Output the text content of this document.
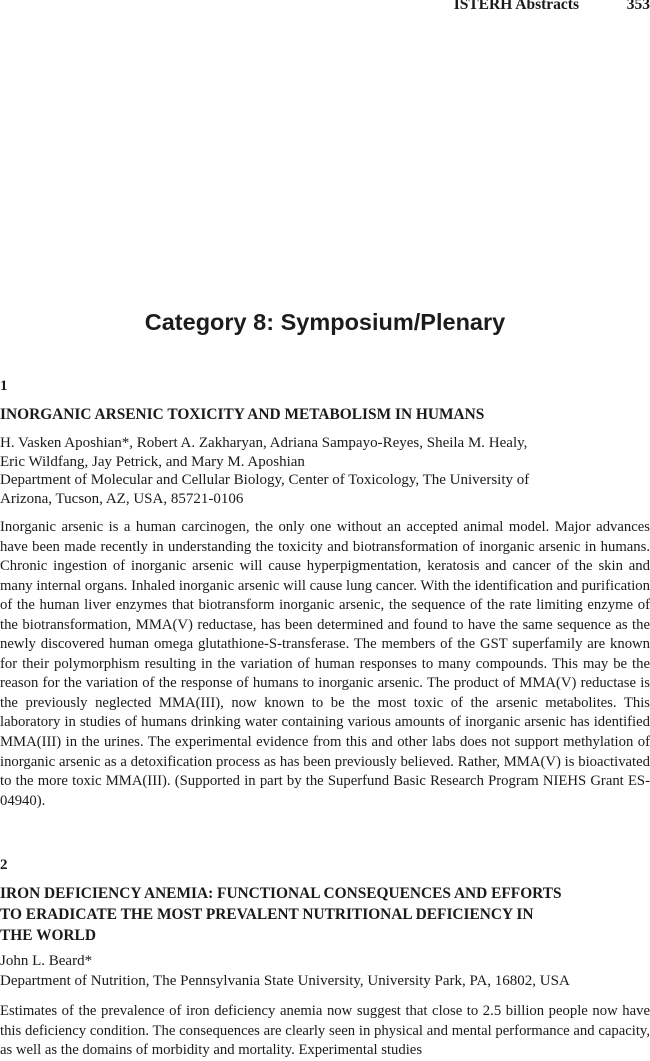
ISTERH Abstracts	353
Category 8: Symposium/Plenary
1
INORGANIC ARSENIC TOXICITY AND METABOLISM IN HUMANS
H. Vasken Aposhian*, Robert A. Zakharyan, Adriana Sampayo-Reyes, Sheila M. Healy,
Eric Wildfang, Jay Petrick, and Mary M. Aposhian
Department of Molecular and Cellular Biology, Center of Toxicology, The University of
Arizona, Tucson, AZ, USA, 85721-0106
Inorganic arsenic is a human carcinogen, the only one without an accepted animal model. Major advances have been made recently in understanding the toxicity and biotransformation of inorganic arsenic in humans. Chronic ingestion of inorganic arsenic will cause hyperpigmentation, keratosis and cancer of the skin and many internal organs. Inhaled inorganic arsenic will cause lung cancer. With the identification and purification of the human liver enzymes that biotransform inorganic arsenic, the sequence of the rate limiting enzyme of the biotransformation, MMA(V) reductase, has been determined and found to have the same sequence as the newly discovered human omega glutathione-S-transferase. The members of the GST superfamily are known for their polymorphism resulting in the variation of human responses to many compounds. This may be the reason for the variation of the response of humans to inorganic arsenic. The product of MMA(V) reductase is the previously neglected MMA(III), now known to be the most toxic of the arsenic metabolites. This laboratory in studies of humans drinking water containing various amounts of inorganic arsenic has identified MMA(III) in the urines. The experimental evidence from this and other labs does not support methylation of inorganic arsenic as a detoxification process as has been previously believed. Rather, MMA(V) is bioactivated to the more toxic MMA(III). (Supported in part by the Superfund Basic Research Program NIEHS Grant ES-04940).
2
IRON DEFICIENCY ANEMIA: FUNCTIONAL CONSEQUENCES AND EFFORTS
TO ERADICATE THE MOST PREVALENT NUTRITIONAL DEFICIENCY IN
THE WORLD
John L. Beard*
Department of Nutrition, The Pennsylvania State University, University Park, PA, 16802, USA
Estimates of the prevalence of iron deficiency anemia now suggest that close to 2.5 billion people now have this deficiency condition. The consequences are clearly seen in physical and mental performance and capacity, as well as the domains of morbidity and mortality. Experimental studies
